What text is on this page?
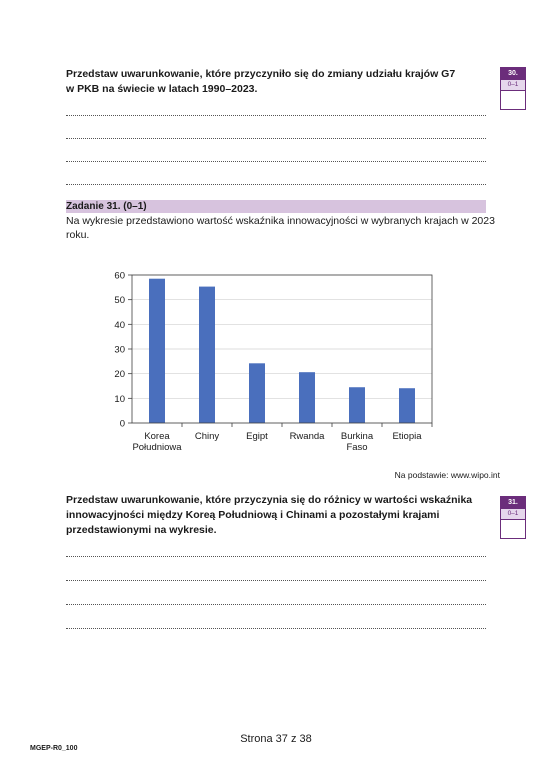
Przedstaw uwarunkowanie, które przyczyniło się do zmiany udziału krajów G7
w PKB na świecie w latach 1990–2023.
30.
0–1
Zadanie 31. (0–1)
Na wykresie przedstawiono wartość wskaźnika innowacyjności w wybranych krajach w 2023
roku.
0
10
20
30
40
50
60
Korea Południowa
Chiny	Egipt Rwanda Burkina Faso
Etiopia
Na podstawie: www.wipo.int
Przedstaw uwarunkowanie, które przyczynia się do różnicy w wartości wskaźnika
innowacyjności między Koreą Południową i Chinami a pozostałymi krajami
przedstawionymi na wykresie.
31.
0–1
Strona 37 z 38
MGEP-R0_100
